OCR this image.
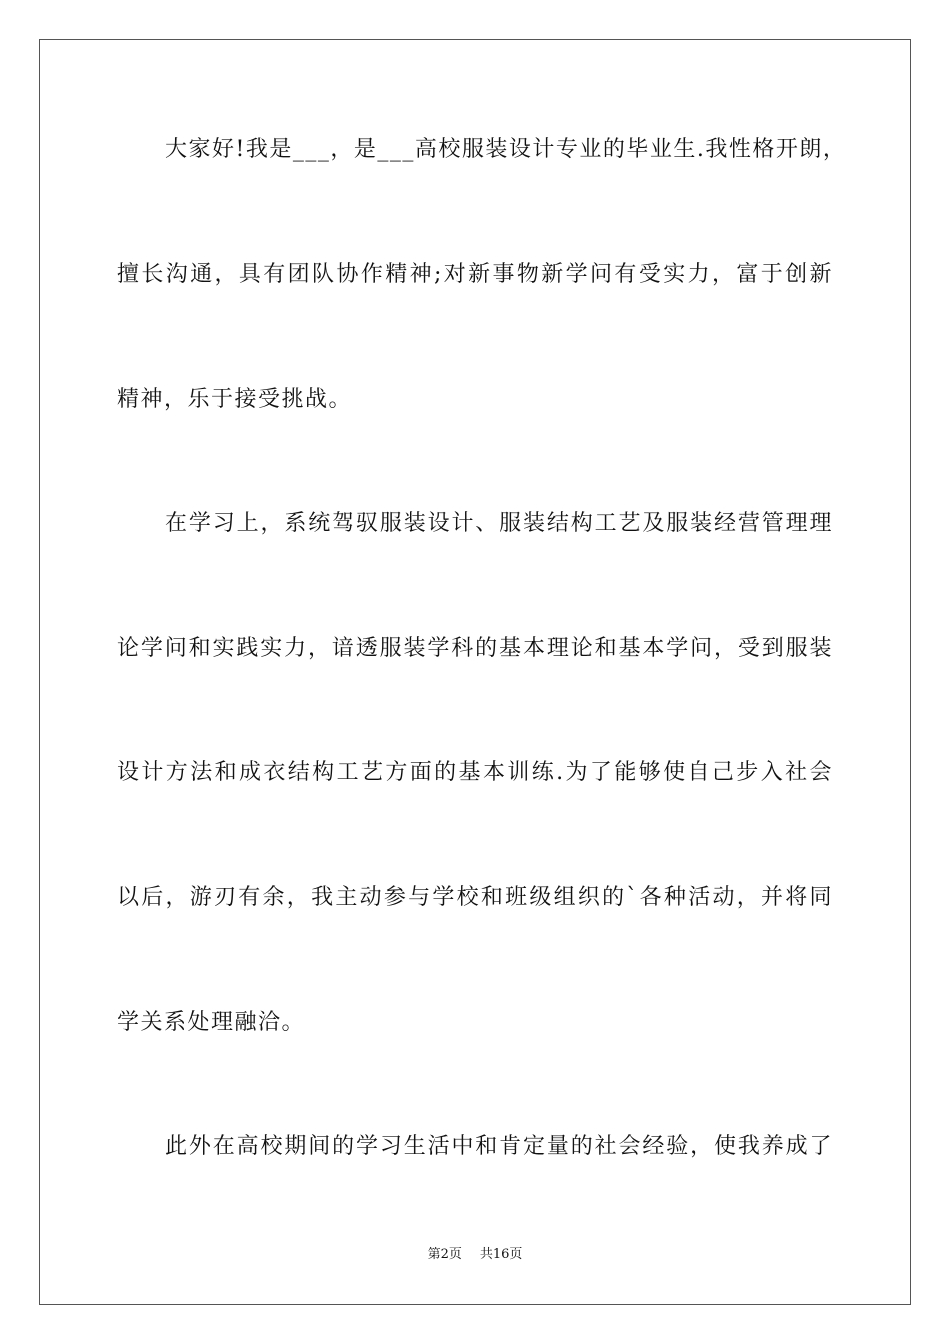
大家好!我是___，是___高校服装设计专业的毕业生.我性格开朗，
擅长沟通，具有团队协作精神;对新事物新学问有受实力，富于创新
精神，乐于接受挑战。
在学习上，系统驾驭服装设计、服装结构工艺及服装经营管理理
论学问和实践实力，谙透服装学科的基本理论和基本学问，受到服装
设计方法和成衣结构工艺方面的基本训练.为了能够使自己步入社会
以后，游刃有余，我主动参与学校和班级组织的`各种活动，并将同
学关系处理融洽。
此外在高校期间的学习生活中和肯定量的社会经验，使我养成了
第2页 共16页
